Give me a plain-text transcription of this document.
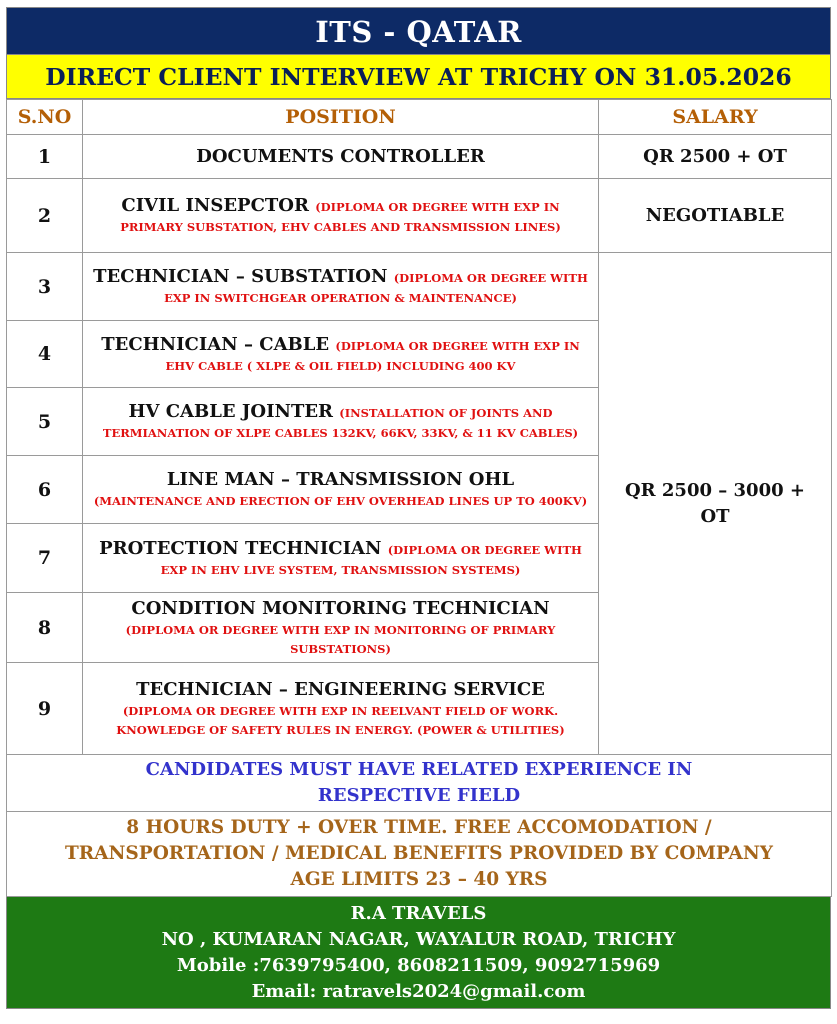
ITS - QATAR
DIRECT CLIENT INTERVIEW AT TRICHY ON 31.05.2026
S.NO	POSITION	SALARY
1	DOCUMENTS CONTROLLER	QR 2500 + OT
2	CIVIL INSEPCTOR (DIPLOMA OR DEGREE WITH EXP IN PRIMARY SUBSTATION, EHV CABLES AND TRANSMISSION LINES)	NEGOTIABLE
3	TECHNICIAN – SUBSTATION (DIPLOMA OR DEGREE WITH EXP IN SWITCHGEAR OPERATION & MAINTENANCE)	QR 2500 – 3000 + OT
4	TECHNICIAN – CABLE (DIPLOMA OR DEGREE WITH EXP IN EHV CABLE ( XLPE & OIL FIELD) INCLUDING 400 KV	
5	HV CABLE JOINTER (INSTALLATION OF JOINTS AND TERMIANATION OF XLPE CABLES 132KV, 66KV, 33KV, & 11 KV CABLES)	
6	LINE MAN – TRANSMISSION OHL
(MAINTENANCE AND ERECTION OF EHV OVERHEAD LINES UP TO 400KV)	
7	PROTECTION TECHNICIAN (DIPLOMA OR DEGREE WITH EXP IN EHV LIVE SYSTEM, TRANSMISSION SYSTEMS)	
8	CONDITION MONITORING TECHNICIAN
(DIPLOMA OR DEGREE WITH EXP IN MONITORING OF PRIMARY SUBSTATIONS)	
9	TECHNICIAN – ENGINEERING SERVICE
(DIPLOMA OR DEGREE WITH EXP IN REELVANT FIELD OF WORK. KNOWLEDGE OF SAFETY RULES IN ENERGY. (POWER & UTILITIES)	

CANDIDATES MUST HAVE RELATED EXPERIENCE IN RESPECTIVE FIELD		

8 HOURS DUTY + OVER TIME. FREE ACCOMODATION /
TRANSPORTATION / MEDICAL BENEFITS PROVIDED BY COMPANY
AGE LIMITS 23 – 40 YRS		
R.A TRAVELS
NO , KUMARAN NAGAR, WAYALUR ROAD, TRICHY
Mobile :7639795400, 8608211509, 9092715969
Email: ratravels2024@gmail.com
